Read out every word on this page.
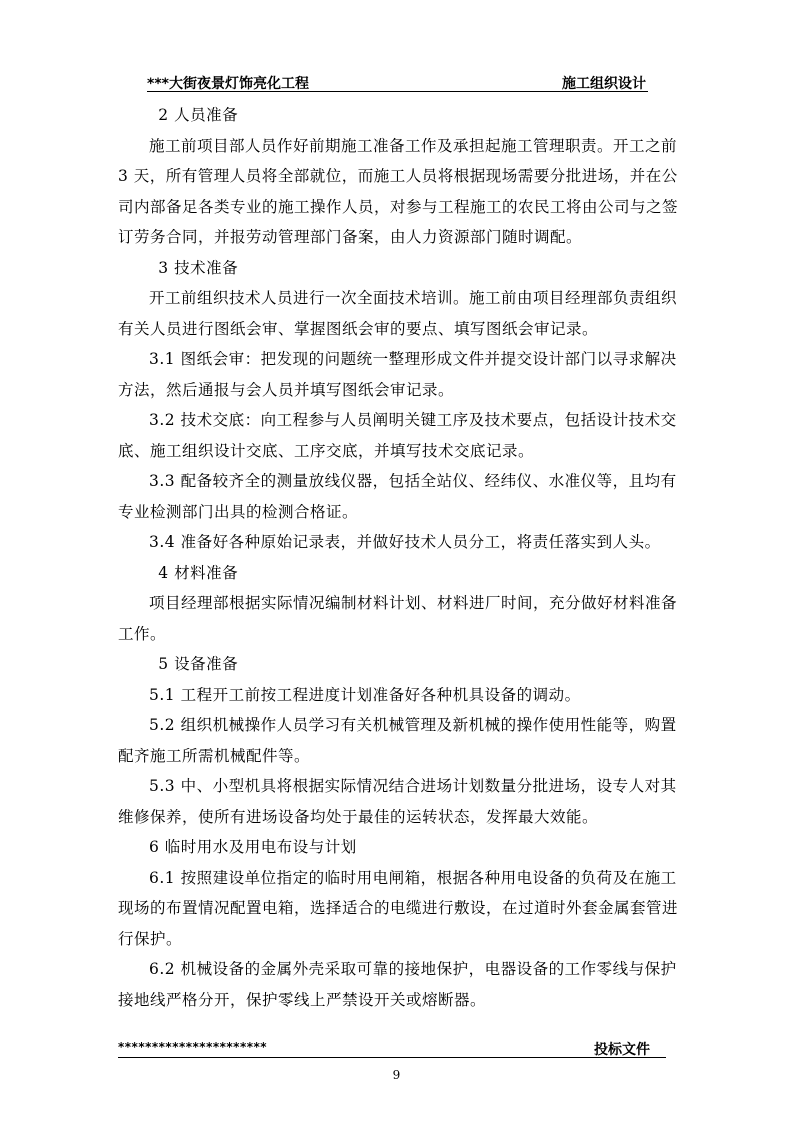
***大街夜景灯饰亮化工程	施工组织设计

2 人员准备

施工前项目部人员作好前期施工准备工作及承担起施工管理职责。开工之前 3 天，所有管理人员将全部就位，而施工人员将根据现场需要分批进场，并在公司内部备足各类专业的施工操作人员，对参与工程施工的农民工将由公司与之签订劳务合同，并报劳动管理部门备案，由人力资源部门随时调配。

3 技术准备

开工前组织技术人员进行一次全面技术培训。施工前由项目经理部负责组织有关人员进行图纸会审、掌握图纸会审的要点、填写图纸会审记录。

3.1 图纸会审：把发现的问题统一整理形成文件并提交设计部门以寻求解决方法，然后通报与会人员并填写图纸会审记录。

3.2 技术交底：向工程参与人员阐明关键工序及技术要点，包括设计技术交底、施工组织设计交底、工序交底，并填写技术交底记录。

3.3 配备较齐全的测量放线仪器，包括全站仪、经纬仪、水准仪等，且均有专业检测部门出具的检测合格证。

3.4 准备好各种原始记录表，并做好技术人员分工，将责任落实到人头。

4 材料准备

项目经理部根据实际情况编制材料计划、材料进厂时间，充分做好材料准备工作。

5 设备准备

5.1 工程开工前按工程进度计划准备好各种机具设备的调动。

5.2 组织机械操作人员学习有关机械管理及新机械的操作使用性能等，购置配齐施工所需机械配件等。

5.3 中、小型机具将根据实际情况结合进场计划数量分批进场，设专人对其维修保养，使所有进场设备均处于最佳的运转状态，发挥最大效能。

6 临时用水及用电布设与计划

6.1 按照建设单位指定的临时用电闸箱，根据各种用电设备的负荷及在施工现场的布置情况配置电箱，选择适合的电缆进行敷设，在过道时外套金属套管进行保护。

6.2 机械设备的金属外壳采取可靠的接地保护，电器设备的工作零线与保护接地线严格分开，保护零线上严禁设开关或熔断器。

**********************	投标文件
9
